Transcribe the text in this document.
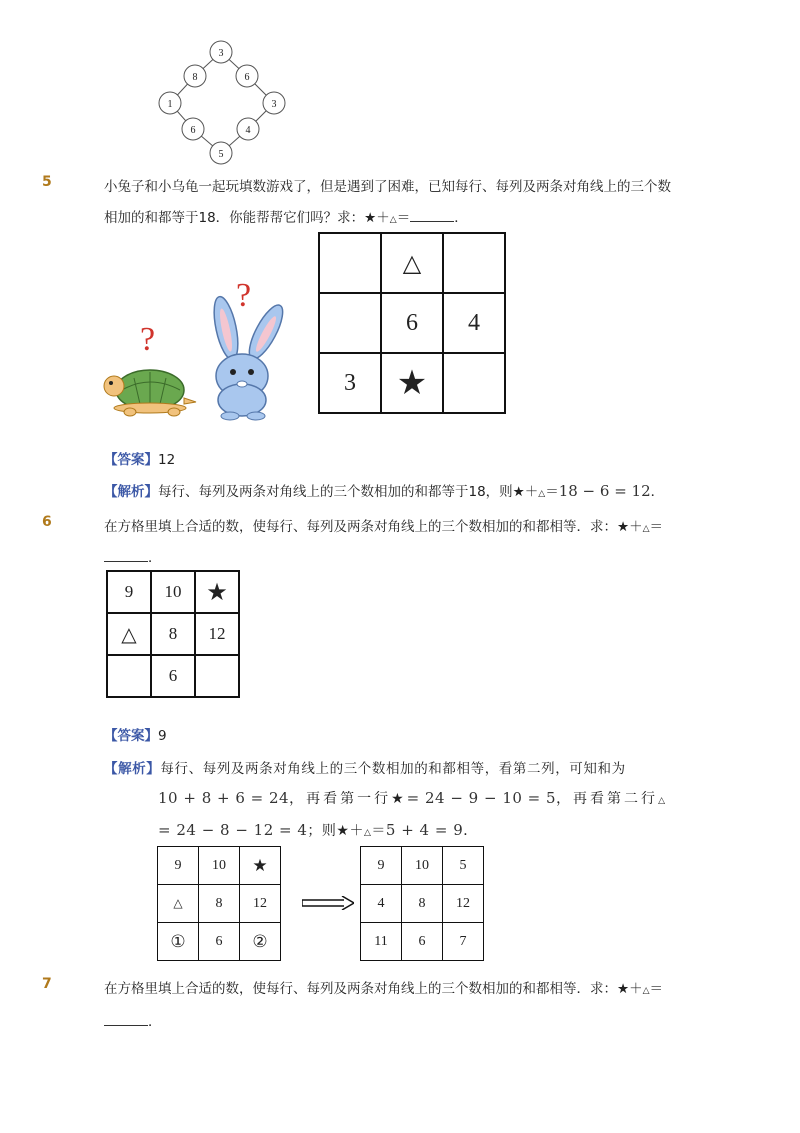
3
6
3
4
5
6
1
8
5	小兔子和小乌龟一起玩填数游戏了，但是遇到了困难，已知每行、每列及两条对角线上的三个数
相加的和都等于18．你能帮帮它们吗？求：★＋△＝	．
?
?
	△	
	6	4
3	★	
【答案】12
【解析】每行、每列及两条对角线上的三个数相加的和都等于18，则★＋△＝18 − 6 = 12．
6	在方格里填上合适的数，使每行、每列及两条对角线上的三个数相加的和都相等．求：★＋△＝
．
9	10	★
△	8	12
	6	
【答案】9
【解析】每行、每列及两条对角线上的三个数相加的和都相等，看第二列，可知和为
10 + 8 + 6 = 24，再看第一行★= 24 − 9 − 10 = 5，再看第二行△
= 24 − 8 − 12 = 4；则★＋△＝5 + 4 = 9．
9	10	★
△	8	12
①	6	②
9	10	5
4	8	12
11	6	7
7	在方格里填上合适的数，使每行、每列及两条对角线上的三个数相加的和都相等．求：★＋△＝
．
